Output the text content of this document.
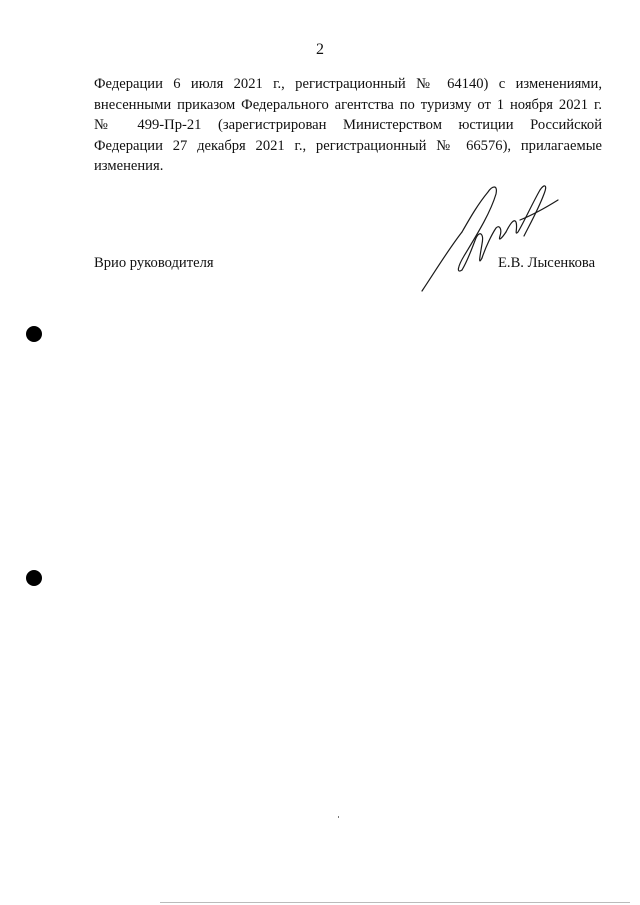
2
Федерации 6 июля 2021 г., регистрационный № 64140) с изменениями,
внесенными приказом Федерального агентства по туризму от 1 ноября 2021 г.
№ 499-Пр-21 (зарегистрирован Министерством юстиции Российской
Федерации 27 декабря 2021 г., регистрационный № 66576), прилагаемые
изменения.
Врио руководителя	Е.В. Лысенкова
